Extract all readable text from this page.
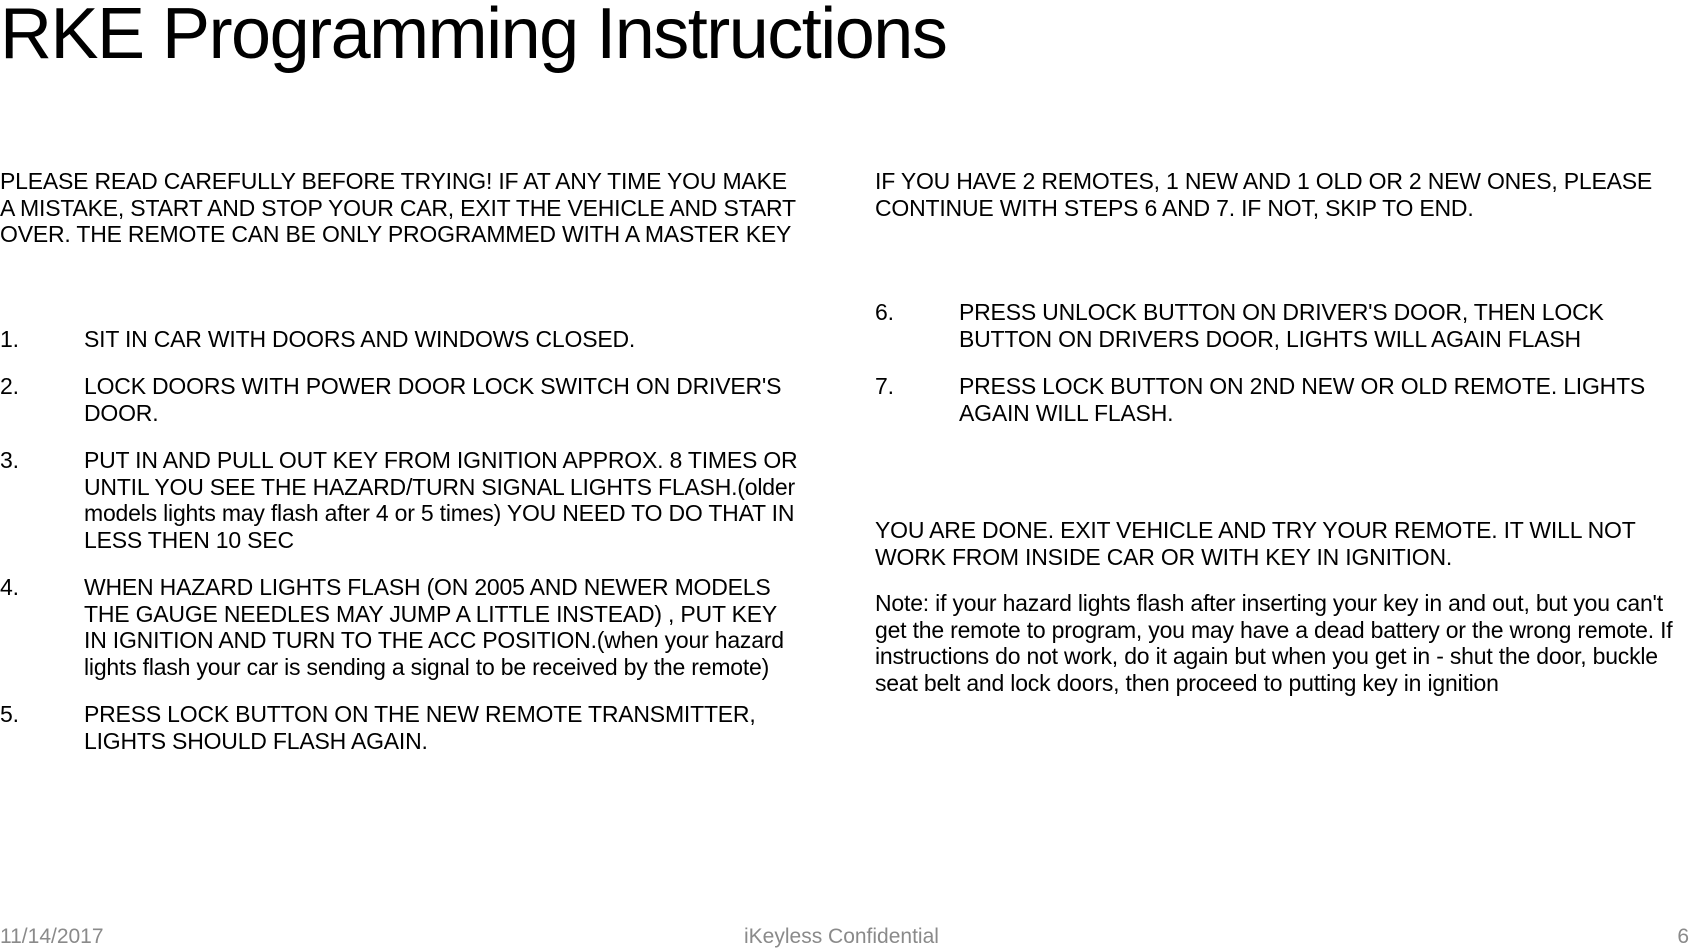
RKE Programming Instructions

PLEASE READ CAREFULLY BEFORE TRYING! IF AT ANY TIME YOU MAKE A MISTAKE, START AND STOP YOUR CAR, EXIT THE VEHICLE AND START OVER. THE REMOTE CAN BE ONLY PROGRAMMED WITH A MASTER KEY

1.	SIT IN CAR WITH DOORS AND WINDOWS CLOSED.
2.	LOCK DOORS WITH POWER DOOR LOCK SWITCH ON DRIVER'S DOOR.
3.	PUT IN AND PULL OUT KEY FROM IGNITION APPROX. 8 TIMES OR UNTIL YOU SEE THE HAZARD/TURN SIGNAL LIGHTS FLASH.(older models lights may flash after 4 or 5 times) YOU NEED TO DO THAT IN LESS THEN 10 SEC
4.	WHEN HAZARD LIGHTS FLASH (ON 2005 AND NEWER MODELS THE GAUGE NEEDLES MAY JUMP A LITTLE INSTEAD) , PUT KEY IN IGNITION AND TURN TO THE ACC POSITION.(when your hazard lights flash your car is sending a signal to be received by the remote)
5.	PRESS LOCK BUTTON ON THE NEW REMOTE TRANSMITTER, LIGHTS SHOULD FLASH AGAIN.

IF YOU HAVE 2 REMOTES, 1 NEW AND 1 OLD OR 2 NEW ONES, PLEASE CONTINUE WITH STEPS 6 AND 7. IF NOT, SKIP TO END.

6.	PRESS UNLOCK BUTTON ON DRIVER'S DOOR, THEN LOCK BUTTON ON DRIVERS DOOR, LIGHTS WILL AGAIN FLASH
7.	PRESS LOCK BUTTON ON 2ND NEW OR OLD REMOTE. LIGHTS AGAIN WILL FLASH.

YOU ARE DONE. EXIT VEHICLE AND TRY YOUR REMOTE. IT WILL NOT WORK FROM INSIDE CAR OR WITH KEY IN IGNITION.

Note: if your hazard lights flash after inserting your key in and out, but you can't get the remote to program, you may have a dead battery or the wrong remote. If instructions do not work, do it again but when you get in - shut the door, buckle seat belt and lock doors, then proceed to putting key in ignition

11/14/2017	iKeyless Confidential	6
